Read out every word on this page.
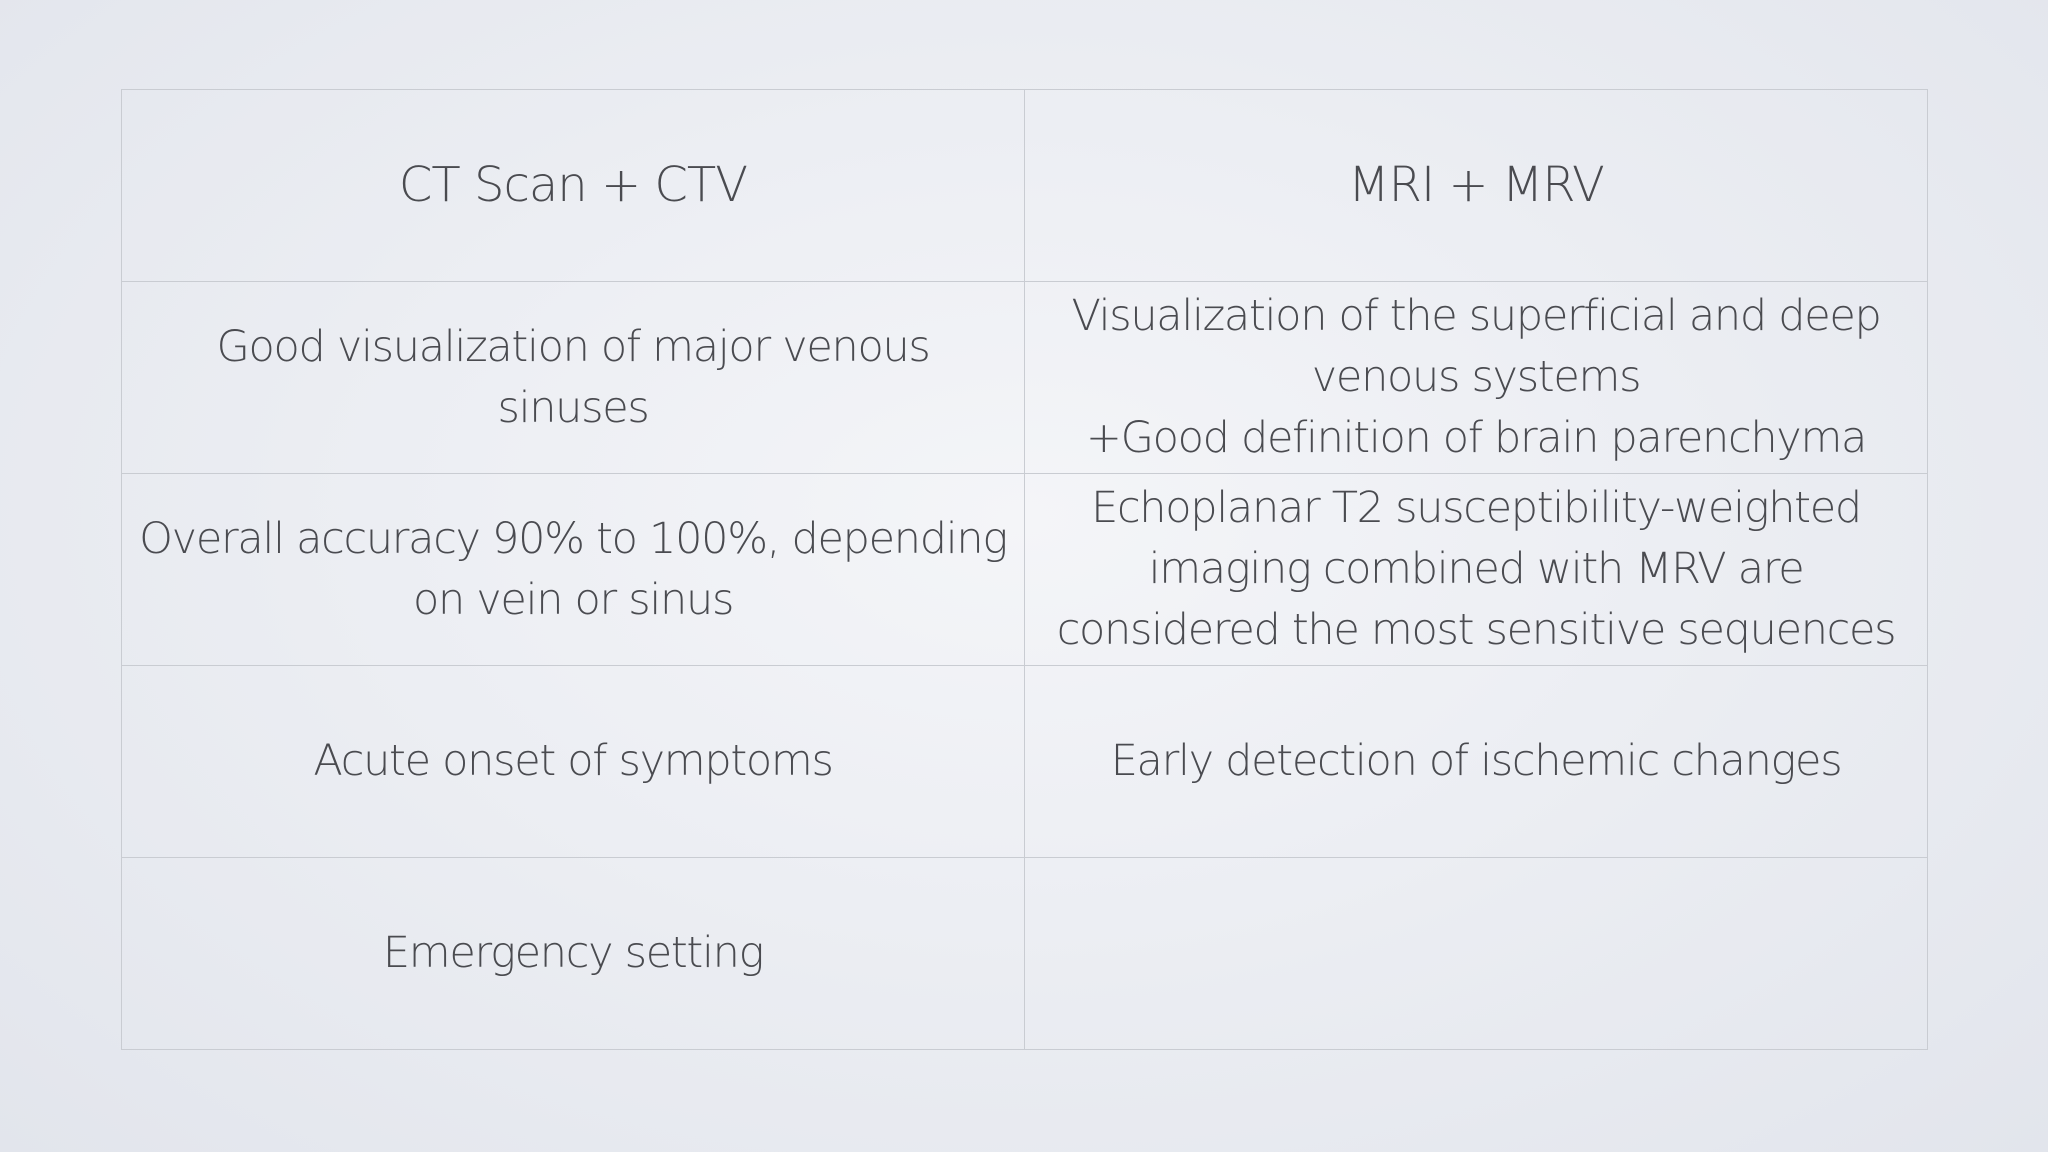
CT Scan + CTV	MRI + MRV

Good visualization of major venous
sinuses	Visualization of the superficial and deep
venous systems
+Good definition of brain parenchyma

Overall accuracy 90% to 100%, depending
on vein or sinus	Echoplanar T2 susceptibility-weighted
imaging combined with MRV are
considered the most sensitive sequences

Acute onset of symptoms	Early detection of ischemic changes

Emergency setting	
